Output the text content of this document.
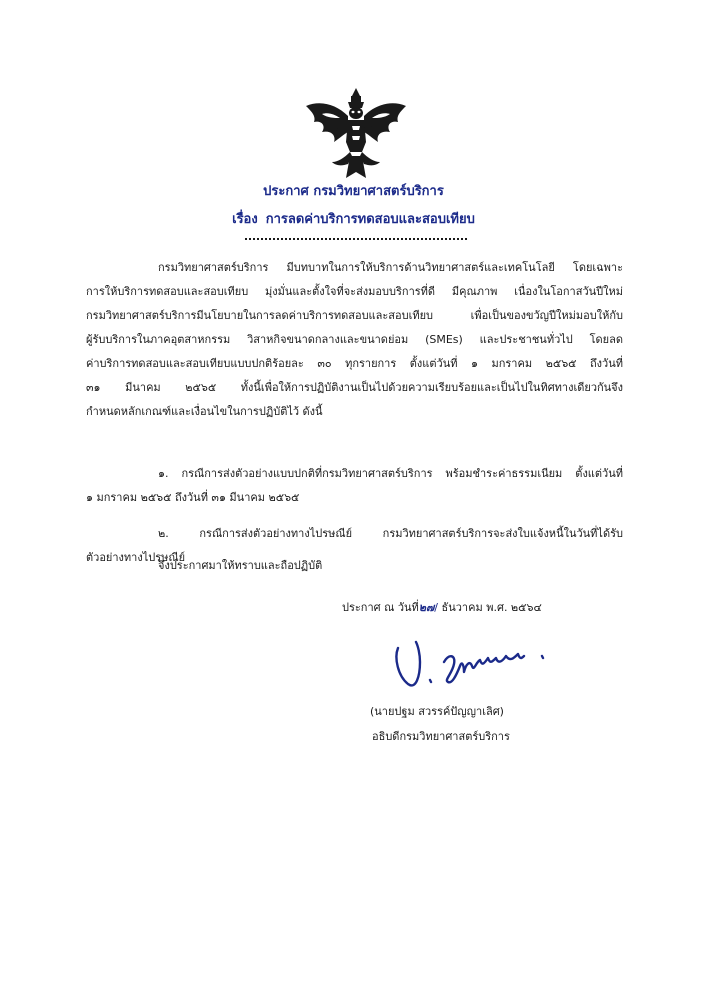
ประกาศ กรมวิทยาศาสตร์บริการ
เรื่อง การลดค่าบริการทดสอบและสอบเทียบ
กรมวิทยาศาสตร์บริการ มีบทบาทในการให้บริการด้านวิทยาศาสตร์และเทคโนโลยี โดยเฉพาะ
การให้บริการทดสอบและสอบเทียบ มุ่งมั่นและตั้งใจที่จะส่งมอบบริการที่ดี มีคุณภาพ เนื่องในโอกาสวันปีใหม่
กรมวิทยาศาสตร์บริการมีนโยบายในการลดค่าบริการทดสอบและสอบเทียบ เพื่อเป็นของขวัญปีใหม่มอบให้กับ
ผู้รับบริการในภาคอุตสาหกรรม วิสาหกิจขนาดกลางและขนาดย่อม (SMEs) และประชาชนทั่วไป โดยลด
ค่าบริการทดสอบและสอบเทียบแบบปกติร้อยละ ๓๐ ทุกรายการ ตั้งแต่วันที่ ๑ มกราคม ๒๕๖๕ ถึงวันที่
๓๑ มีนาคม ๒๕๖๕ ทั้งนี้เพื่อให้การปฏิบัติงานเป็นไปด้วยความเรียบร้อยและเป็นไปในทิศทางเดียวกันจึง
กำหนดหลักเกณฑ์และเงื่อนไขในการปฏิบัติไว้ ดังนี้
๑. กรณีการส่งตัวอย่างแบบปกติที่กรมวิทยาศาสตร์บริการ พร้อมชำระค่าธรรมเนียม ตั้งแต่วันที่
๑ มกราคม ๒๕๖๕ ถึงวันที่ ๓๑ มีนาคม ๒๕๖๕
๒. กรณีการส่งตัวอย่างทางไปรษณีย์ กรมวิทยาศาสตร์บริการจะส่งใบแจ้งหนี้ในวันที่ได้รับ
ตัวอย่างทางไปรษณีย์
จึงประกาศมาให้ทราบและถือปฏิบัติ
ประกาศ ณ วันที่๒๗/ ธันวาคม พ.ศ. ๒๕๖๔
(นายปฐม สวรรค์ปัญญาเลิศ)
อธิบดีกรมวิทยาศาสตร์บริการ
